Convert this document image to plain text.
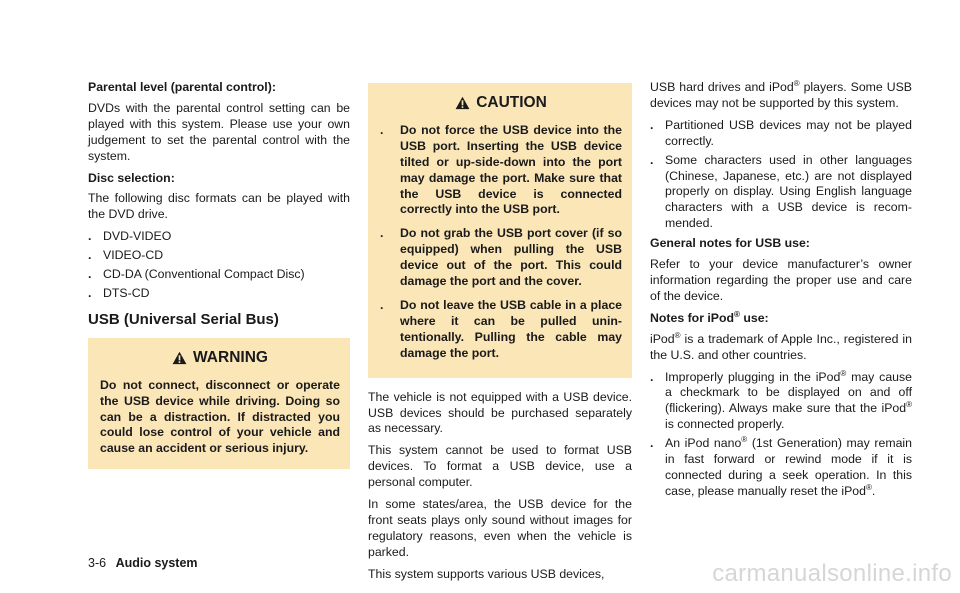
Parental level (parental control):

DVDs with the parental control setting can be played with this system. Please use your own judgement to set the parental control with the system.

Disc selection:

The following disc formats can be played with the DVD drive.

. DVD-VIDEO
. VIDEO-CD
. CD-DA (Conventional Compact Disc)
. DTS-CD
USB (Universal Serial Bus)
WARNING
Do not connect, disconnect or operate the USB device while driving. Doing so can be a distraction. If distracted you could lose control of your vehicle and cause an accident or serious injury.
CAUTION
. Do not force the USB device into the USB port. Inserting the USB device tilted or up-side-down into the port may damage the port. Make sure that the USB device is connected correctly into the USB port.
. Do not grab the USB port cover (if so equipped) when pulling the USB device out of the port. This could damage the port and the cover.
. Do not leave the USB cable in a place where it can be pulled unin-tentionally. Pulling the cable may damage the port.

The vehicle is not equipped with a USB device. USB devices should be purchased separately as necessary.

This system cannot be used to format USB devices. To format a USB device, use a personal computer.

In some states/area, the USB device for the front seats plays only sound without images for regulatory reasons, even when the vehicle is parked.

This system supports various USB devices,

USB hard drives and iPod® players. Some USB devices may not be supported by this system.

. Partitioned USB devices may not be played correctly.
. Some characters used in other languages (Chinese, Japanese, etc.) are not displayed properly on display. Using English language characters with a USB device is recom-mended.
General notes for USB use:

Refer to your device manufacturer’s owner information regarding the proper use and care of the device.

Notes for iPod® use:

iPod® is a trademark of Apple Inc., registered in the U.S. and other countries.

. Improperly plugging in the iPod® may cause a checkmark to be displayed on and off (flickering). Always make sure that the iPod® is connected properly.
. An iPod nano® (1st Generation) may remain in fast forward or rewind mode if it is connected during a seek operation. In this case, please manually reset the iPod®.
3-6 Audio system	carmanualsonline.info
